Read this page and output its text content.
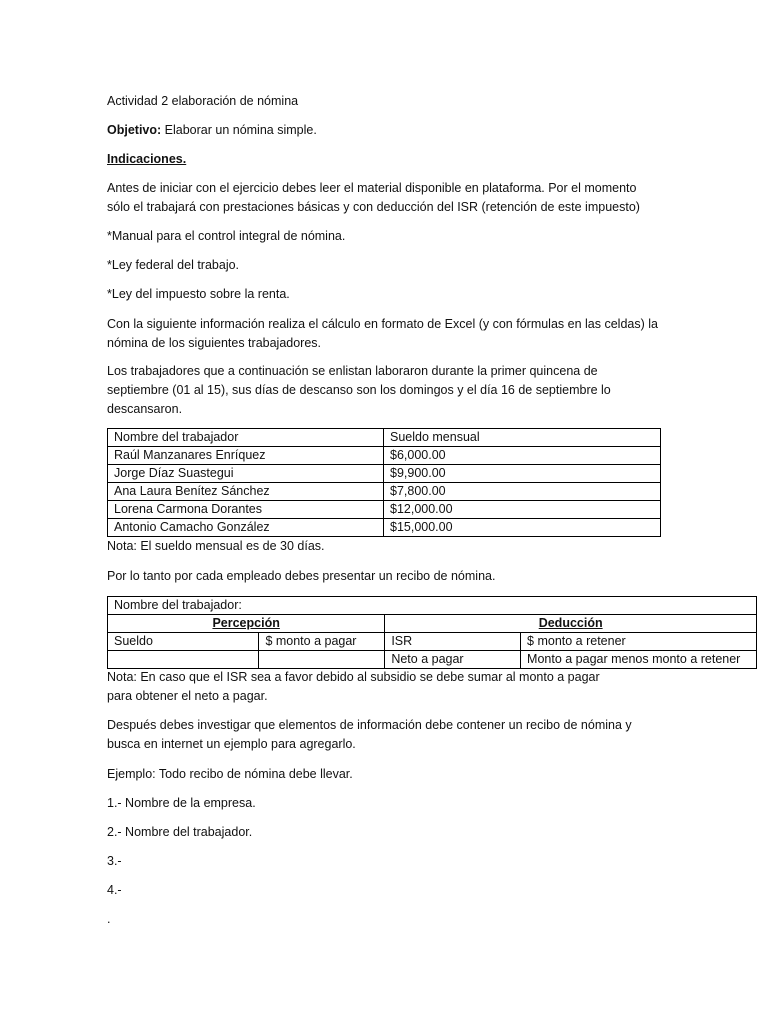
Actividad 2 elaboración de nómina

Objetivo: Elaborar un nómina simple.

Indicaciones.

Antes de iniciar con el ejercicio debes leer el material disponible en plataforma. Por el momento sólo el trabajará con prestaciones básicas y con deducción del ISR (retención de este impuesto)

*Manual para el control integral de nómina.

*Ley federal del trabajo.

*Ley del impuesto sobre la renta.

Con la siguiente información realiza el cálculo en formato de Excel (y con fórmulas en las celdas) la nómina de los siguientes trabajadores.

Los trabajadores que a continuación se enlistan laboraron durante la primer quincena de septiembre (01 al 15), sus días de descanso son los domingos y el día 16 de septiembre lo descansaron.

Nombre del trabajador	Sueldo mensual
Raúl Manzanares Enríquez	$6,000.00
Jorge Díaz Suastegui	$9,900.00
Ana Laura Benítez Sánchez	$7,800.00
Lorena Carmona Dorantes	$12,000.00
Antonio Camacho González	$15,000.00

Nota: El sueldo mensual es de 30 días.

Por lo tanto por cada empleado debes presentar un recibo de nómina.

Nombre del trabajador:			
Percepción		Deducción	
Sueldo	$ monto a pagar	ISR	$ monto a retener
		Neto a pagar	Monto a pagar menos monto a retener

Nota: En caso que el ISR sea a favor debido al subsidio se debe sumar al monto a pagar para obtener el neto a pagar.

Después debes investigar que elementos de información debe contener un recibo de nómina y busca en internet un ejemplo para agregarlo.

Ejemplo: Todo recibo de nómina debe llevar.

1.- Nombre de la empresa.

2.- Nombre del trabajador.

3.-

4.-

.
